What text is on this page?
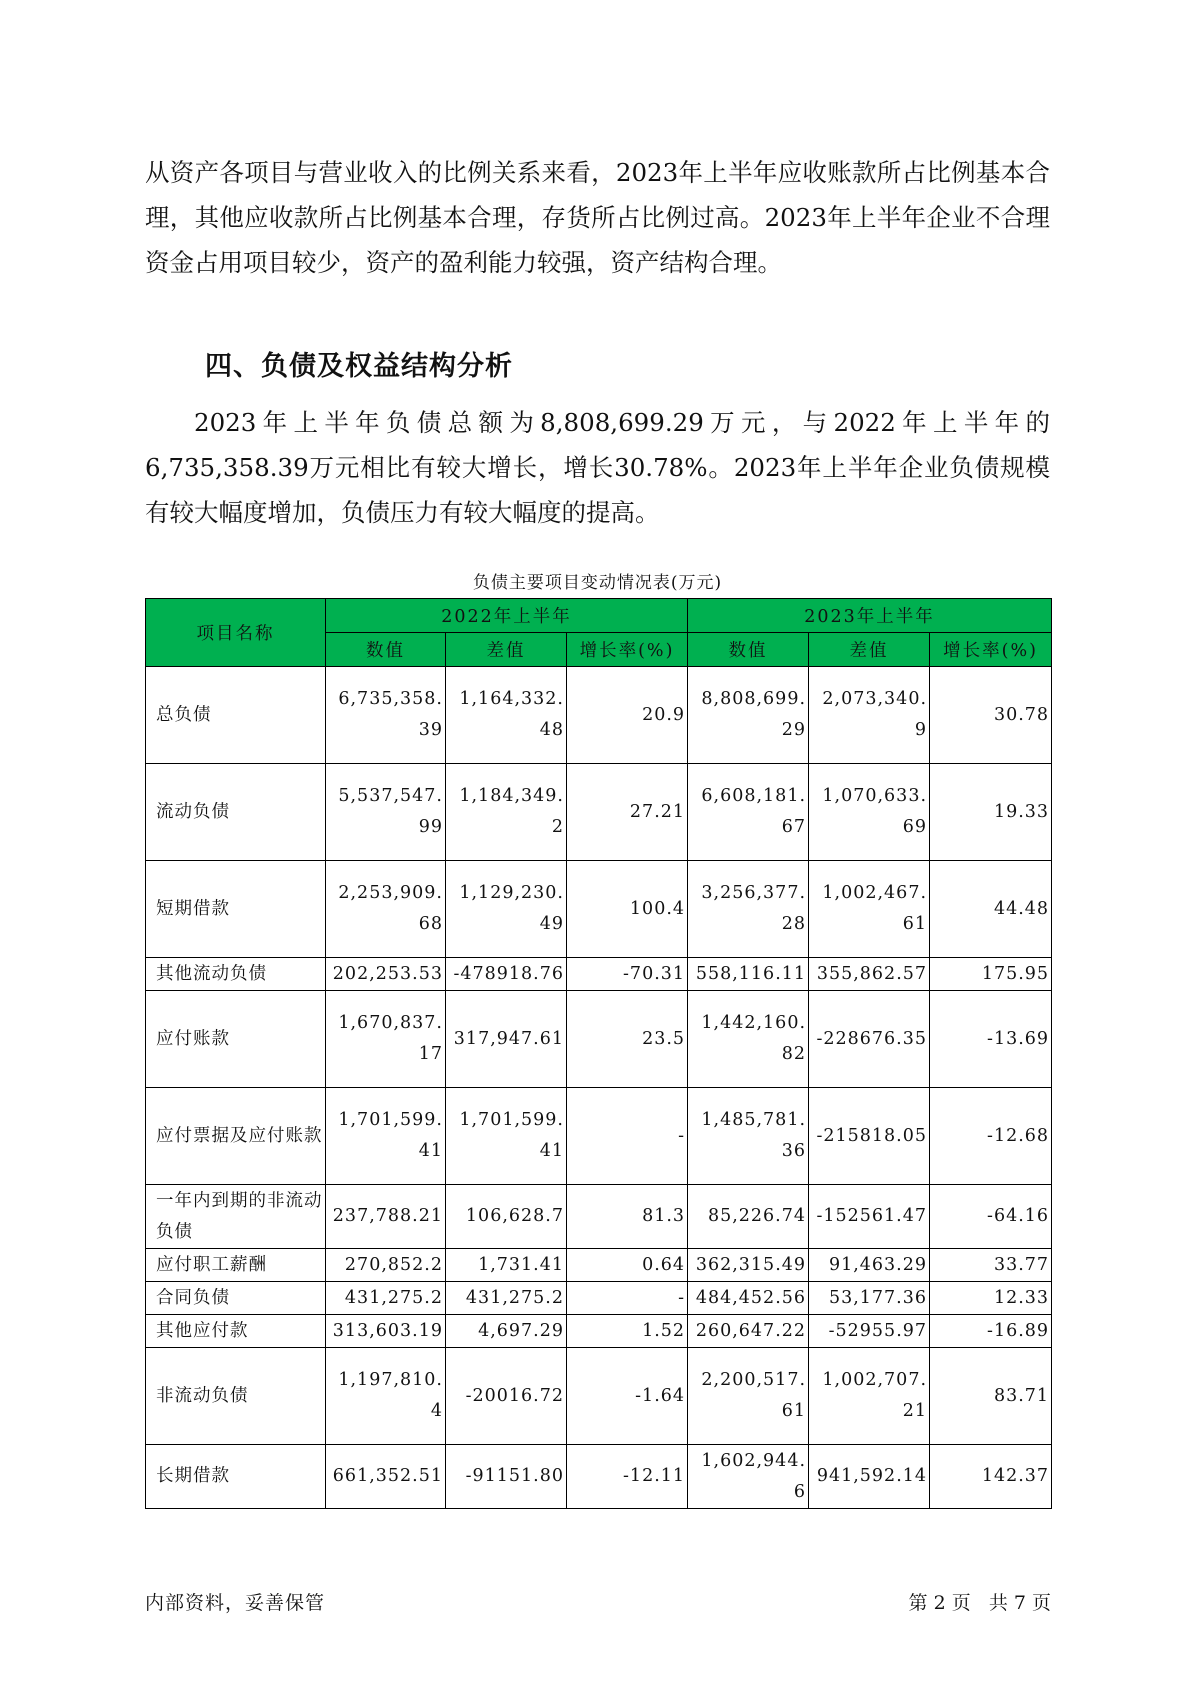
从资产各项目与营业收入的比例关系来看，2023年上半年应收账款所占比例基本合理，其他应收款所占比例基本合理，存货所占比例过高。2023年上半年企业不合理资金占用项目较少，资产的盈利能力较强，资产结构合理。

四、负债及权益结构分析

2023年上半年负债总额为8,808,699.29万元，与2022年上半年的6,735,358.39万元相比有较大增长，增长30.78%。2023年上半年企业负债规模有较大幅度增加，负债压力有较大幅度的提高。

负债主要项目变动情况表(万元)
项目名称	2022年上半年			2023年上半年		
	数值	差值	增长率(%)	数值	差值	增长率(%)
总负债	6,735,358.39	1,164,332.48	20.9	8,808,699.29	2,073,340.9	30.78
流动负债	5,537,547.99	1,184,349.2	27.21	6,608,181.67	1,070,633.69	19.33
短期借款	2,253,909.68	1,129,230.49	100.4	3,256,377.28	1,002,467.61	44.48
其他流动负债	202,253.53	-478918.76	-70.31	558,116.11	355,862.57	175.95
应付账款	1,670,837.17	317,947.61	23.5	1,442,160.82	-228676.35	-13.69
应付票据及应付账款	1,701,599.41	1,701,599.41	-	1,485,781.36	-215818.05	-12.68
一年内到期的非流动负债	237,788.21	106,628.7	81.3	85,226.74	-152561.47	-64.16
应付职工薪酬	270,852.2	1,731.41	0.64	362,315.49	91,463.29	33.77
合同负债	431,275.2	431,275.2	-	484,452.56	53,177.36	12.33
其他应付款	313,603.19	4,697.29	1.52	260,647.22	-52955.97	-16.89
非流动负债	1,197,810.4	-20016.72	-1.64	2,200,517.61	1,002,707.21	83.71
长期借款	661,352.51	-91151.80	-12.11	1,602,944.6	941,592.14	142.37
内部资料，妥善保管	第 2 页 共 7 页
